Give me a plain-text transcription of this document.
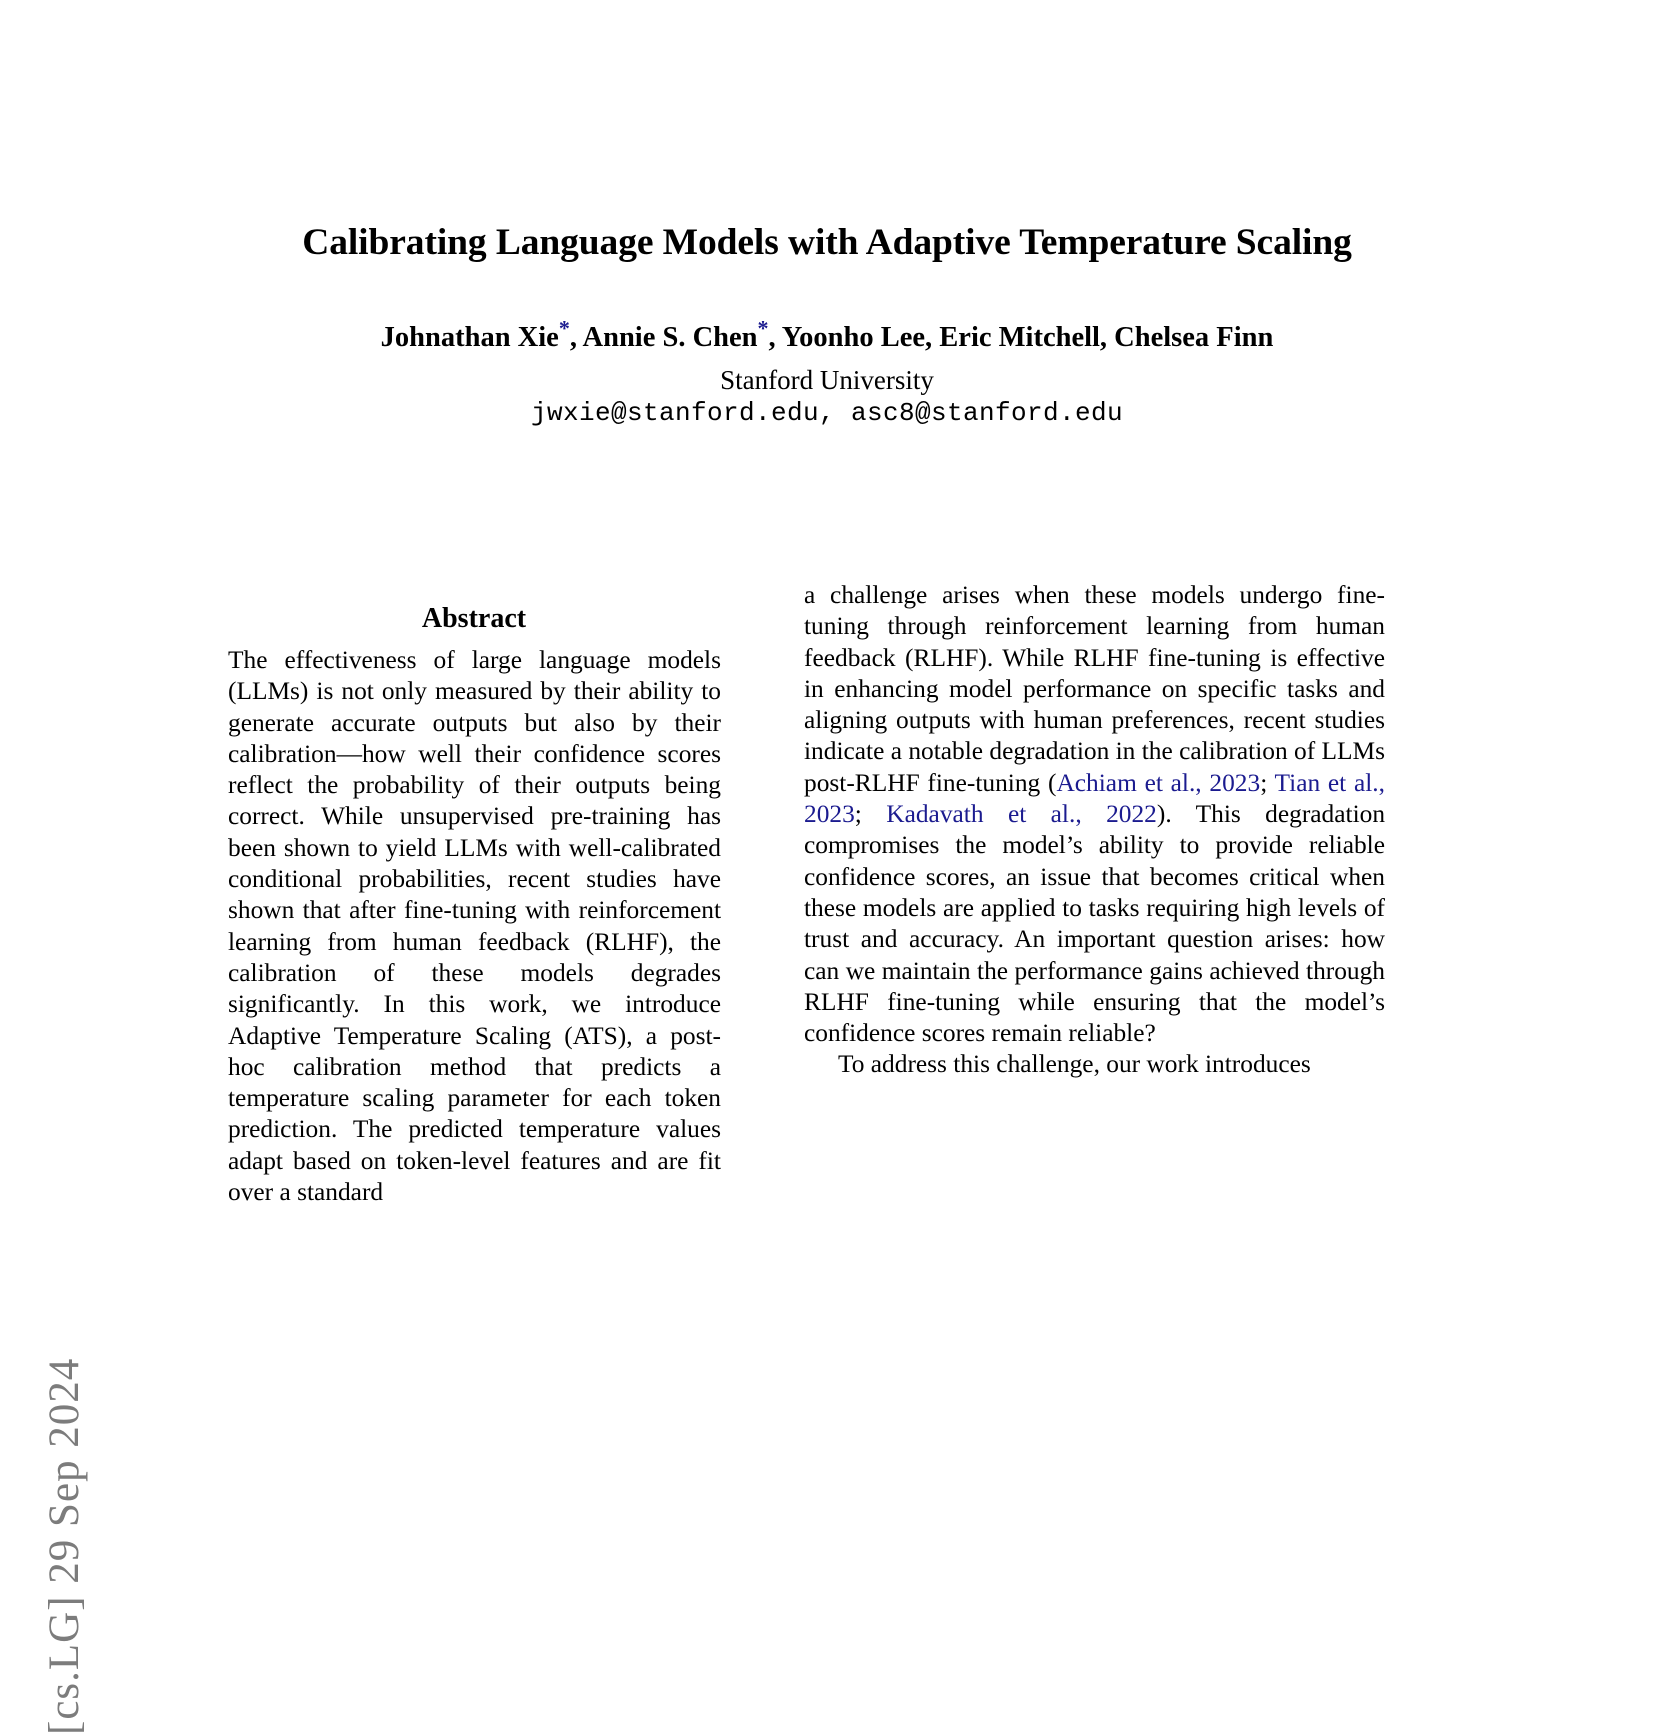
[cs.LG] 29 Sep 2024
Calibrating Language Models with Adaptive Temperature Scaling
Johnathan Xie*, Annie S. Chen*, Yoonho Lee, Eric Mitchell, Chelsea Finn
Stanford University
jwxie@stanford.edu, asc8@stanford.edu
Abstract

The effectiveness of large language models (LLMs) is not only measured by their ability to generate accurate outputs but also by their calibration—how well their confidence scores reflect the probability of their outputs being correct. While unsupervised pre-training has been shown to yield LLMs with well-calibrated conditional probabilities, recent studies have shown that after fine-tuning with reinforcement learning from human feedback (RLHF), the calibration of these models degrades significantly. In this work, we introduce Adaptive Temperature Scaling (ATS), a post-hoc calibration method that predicts a temperature scaling parameter for each token prediction. The predicted temperature values adapt based on token-level features and are fit over a standard

a challenge arises when these models undergo fine-tuning through reinforcement learning from human feedback (RLHF). While RLHF fine-tuning is effective in enhancing model performance on specific tasks and aligning outputs with human preferences, recent studies indicate a notable degradation in the calibration of LLMs post-RLHF fine-tuning (Achiam et al., 2023; Tian et al., 2023; Kadavath et al., 2022). This degradation compromises the model’s ability to provide reliable confidence scores, an issue that becomes critical when these models are applied to tasks requiring high levels of trust and accuracy. An important question arises: how can we maintain the performance gains achieved through RLHF fine-tuning while ensuring that the model’s confidence scores remain reliable?

To address this challenge, our work introduces
